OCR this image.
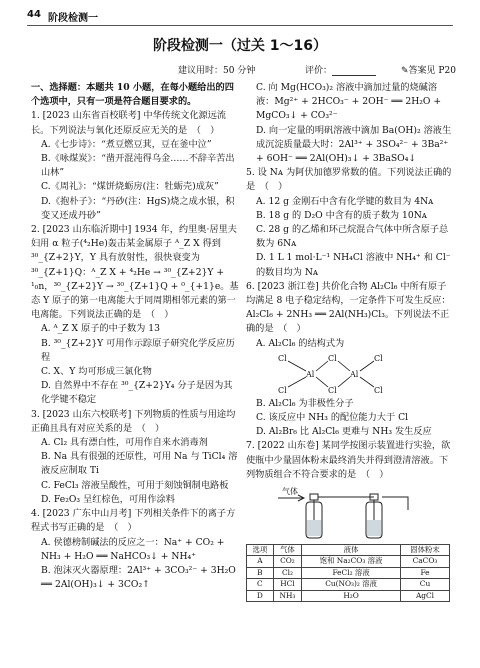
44 阶段检测一
阶段检测一（过关 1～16）
建议用时：50 分钟	评价：	✎答案见 P20

一、选择题：本题共 10 小题，在每小题给出的四个选项中，只有一项是符合题目要求的。

1. [2023 山东省百校联考] 中华传统文化源远流长。下列说法与氧化还原反应无关的是　（　）

A.《七步诗》：“煮豆燃豆萁，豆在釜中泣”

B.《咏煤炭》：“凿开混沌得乌金……不辞辛苦出山林”

C.《周礼》：“煤饼烧蛎房(注：牡蛎壳)成灰”

D.《抱朴子》：“丹砂(注：HgS)烧之成水银，积变又还成丹砂”

2. [2023 山东临沂期中] 1934 年，约里奥·居里夫妇用 α 粒子(⁴₂He)轰击某金属原子 ᴬ_Z X 得到 ³⁰_{Z+2}Y，Y 具有放射性，很快衰变为 ³⁰_{Z+1}Q：ᴬ_Z X + ⁴₂He → ³⁰_{Z+2}Y + ¹₀n，³⁰_{Z+2}Y → ³⁰_{Z+1}Q + ⁰_{+1}e。基态 Y 原子的第一电离能大于同周期相邻元素的第一电离能。下列说法正确的是　（　）

A. ᴬ_Z X 原子的中子数为 13

B. ³⁰_{Z+2}Y 可用作示踪原子研究化学反应历程

C. X、Y 均可形成三氯化物

D. 自然界中不存在 ³⁰_{Z+2}Y₄ 分子是因为其化学键不稳定

3. [2023 山东六校联考] 下列物质的性质与用途均正确且具有对应关系的是　（　）

A. Cl₂ 具有漂白性，可用作自来水消毒剂

B. Na 具有很强的还原性，可用 Na 与 TiCl₄ 溶液反应制取 Ti

C. FeCl₃ 溶液呈酸性，可用于刻蚀铜制电路板

D. Fe₂O₃ 呈红棕色，可用作涂料

4. [2023 广东中山月考] 下列相关条件下的离子方程式书写正确的是　（　）

A. 侯德榜制碱法的反应之一：Na⁺ + CO₂ + NH₃ + H₂O ══ NaHCO₃↓ + NH₄⁺

B. 泡沫灭火器原理：2Al³⁺ + 3CO₃²⁻ + 3H₂O ══ 2Al(OH)₃↓ + 3CO₂↑

C. 向 Mg(HCO₃)₂ 溶液中滴加过量的烧碱溶液：Mg²⁺ + 2HCO₃⁻ + 2OH⁻ ══ 2H₂O + MgCO₃↓ + CO₃²⁻

D. 向一定量的明矾溶液中滴加 Ba(OH)₂ 溶液生成沉淀质量最大时：2Al³⁺ + 3SO₄²⁻ + 3Ba²⁺ + 6OH⁻ ══ 2Al(OH)₃↓ + 3BaSO₄↓

5. 设 Nᴀ 为阿伏加德罗常数的值。下列说法正确的是　（　）

A. 12 g 金刚石中含有化学键的数目为 4Nᴀ

B. 18 g 的 D₂O 中含有的质子数为 10Nᴀ

C. 28 g 的乙烯和环己烷混合气体中所含原子总数为 6Nᴀ

D. 1 L 1 mol·L⁻¹ NH₄Cl 溶液中 NH₄⁺ 和 Cl⁻ 的数目均为 Nᴀ

6. [2023 浙江卷] 共价化合物 Al₂Cl₆ 中所有原子均满足 8 电子稳定结构，一定条件下可发生反应：Al₂Cl₆ + 2NH₃ ══ 2Al(NH₃)Cl₃。下列说法不正确的是　（　）

A. Al₂Cl₆ 的结构式为

Cl
Cl
Al
Cl
Cl
Al
Cl
Cl

B. Al₂Cl₆ 为非极性分子

C. 该反应中 NH₃ 的配位能力大于 Cl

D. Al₂Br₆ 比 Al₂Cl₆ 更难与 NH₃ 发生反应

7. [2022 山东卷] 某同学按图示装置进行实验，欲使瓶中少量固体粉末最终消失并得到澄清溶液。下列物质组合不符合要求的是　（　）

气体
选项	气体	液体	固体粉末
A	CO₂	饱和 Na₂CO₃ 溶液	CaCO₃
B	Cl₂	FeCl₂ 溶液	Fe
C	HCl	Cu(NO₃)₂ 溶液	Cu
D	NH₃	H₂O	AgCl
